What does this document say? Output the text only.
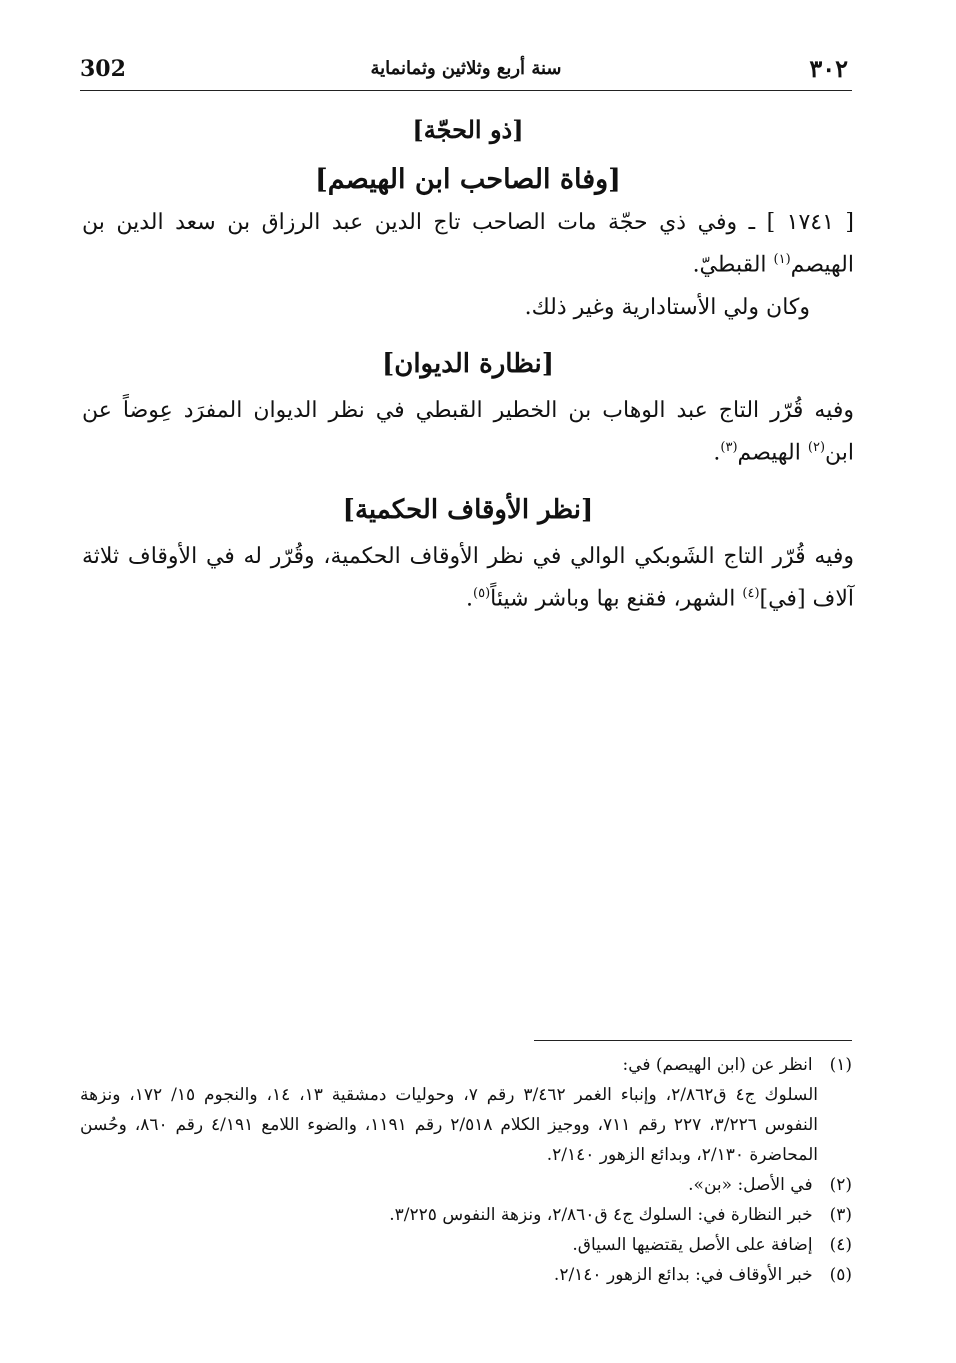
302	سنة أربع وثلاثين وثمانماية	٣٠٢

[ذو الحجّة]

[وفاة الصاحب ابن الهيصم]

[ ١٧٤١ ] ـ وفي ذي حجّة مات الصاحب تاج الدين عبد الرزاق بن سعد الدين بن الهيصم$^{(١)}$ القبطيّ.

وكان ولي الأستادارية وغير ذلك.

[نظارة الديوان]

وفيه قُرّر التاج عبد الوهاب بن الخطير القبطي في نظر الديوان المفرَد عِوضاً عن ابن$^{(٢)}$ الهيصم$^{(٣)}$.

[نظر الأوقاف الحكمية]

وفيه قُرّر التاج الشَوبكي الوالي في نظر الأوقاف الحكمية، وقُرّر له في الأوقاف ثلاثة آلاف [في]$^{(٤)}$ الشهر، فقنع بها وباشر شيئاً$^{(٥)}$.

(١) انظر عن (ابن الهيصم) في:

السلوك ج٤ ق٢/٨٦٢، وإنباء الغمر ٣/٤٦٢ رقم ٧، وحوليات دمشقية ١٣، ١٤، والنجوم ١٥/ ١٧٢، ونزهة النفوس ٣/٢٢٦، ٢٢٧ رقم ٧١١، ووجيز الكلام ٢/٥١٨ رقم ١١٩١، والضوء اللامع ٤/١٩١ رقم ٨٦٠، وحُسن المحاضرة ٢/١٣٠، وبدائع الزهور ٢/١٤٠.

(٢) في الأصل: «بن».

(٣) خبر النظارة في: السلوك ج٤ ق٢/٨٦٠، ونزهة النفوس ٣/٢٢٥.

(٤) إضافة على الأصل يقتضيها السياق.

(٥) خبر الأوقاف في: بدائع الزهور ٢/١٤٠.
